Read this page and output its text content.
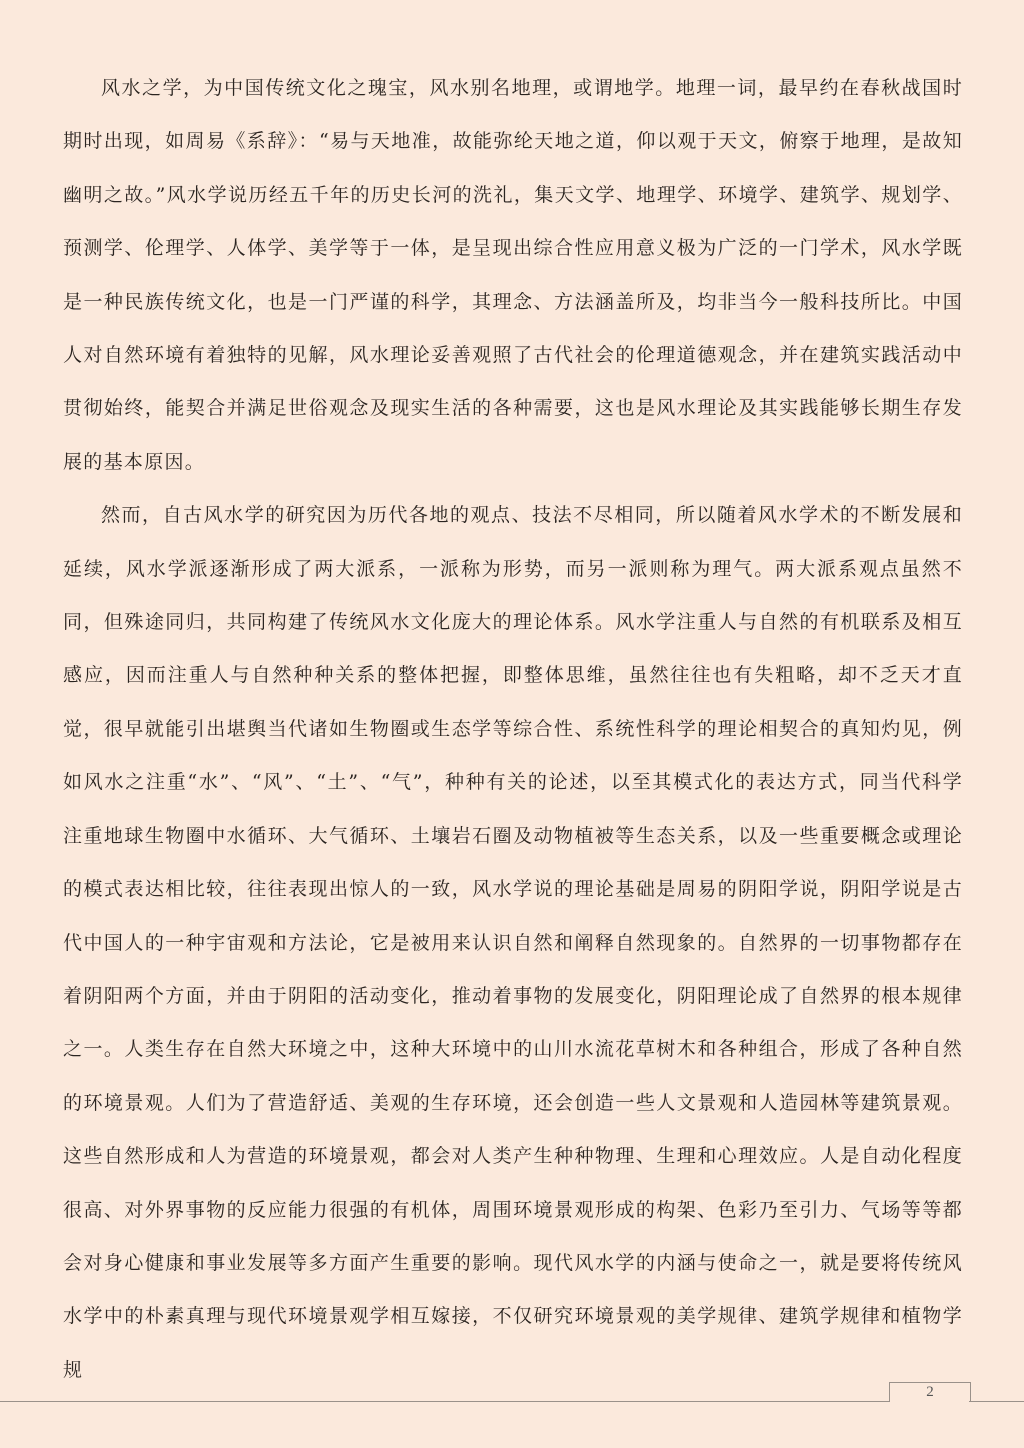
风水之学，为中国传统文化之瑰宝，风水别名地理，或谓地学。地理一词，最早约在春秋战国时期时出现，如周易《系辞》：“易与天地准，故能弥纶天地之道，仰以观于天文，俯察于地理，是故知幽明之故。”风水学说历经五千年的历史长河的洗礼，集天文学、地理学、环境学、建筑学、规划学、预测学、伦理学、人体学、美学等于一体，是呈现出综合性应用意义极为广泛的一门学术，风水学既是一种民族传统文化，也是一门严谨的科学，其理念、方法涵盖所及，均非当今一般科技所比。中国人对自然环境有着独特的见解，风水理论妥善观照了古代社会的伦理道德观念，并在建筑实践活动中贯彻始终，能契合并满足世俗观念及现实生活的各种需要，这也是风水理论及其实践能够长期生存发展的基本原因。

然而，自古风水学的研究因为历代各地的观点、技法不尽相同，所以随着风水学术的不断发展和延续，风水学派逐渐形成了两大派系，一派称为形势，而另一派则称为理气。两大派系观点虽然不同，但殊途同归，共同构建了传统风水文化庞大的理论体系。风水学注重人与自然的有机联系及相互感应，因而注重人与自然种种关系的整体把握，即整体思维，虽然往往也有失粗略，却不乏天才直觉，很早就能引出堪舆当代诸如生物圈或生态学等综合性、系统性科学的理论相契合的真知灼见，例如风水之注重“水”、“风”、“土”、“气”，种种有关的论述，以至其模式化的表达方式，同当代科学注重地球生物圈中水循环、大气循环、土壤岩石圈及动物植被等生态关系，以及一些重要概念或理论的模式表达相比较，往往表现出惊人的一致，风水学说的理论基础是周易的阴阳学说，阴阳学说是古代中国人的一种宇宙观和方法论，它是被用来认识自然和阐释自然现象的。自然界的一切事物都存在着阴阳两个方面，并由于阴阳的活动变化，推动着事物的发展变化，阴阳理论成了自然界的根本规律之一。人类生存在自然大环境之中，这种大环境中的山川水流花草树木和各种组合，形成了各种自然的环境景观。人们为了营造舒适、美观的生存环境，还会创造一些人文景观和人造园林等建筑景观。这些自然形成和人为营造的环境景观，都会对人类产生种种物理、生理和心理效应。人是自动化程度很高、对外界事物的反应能力很强的有机体，周围环境景观形成的构架、色彩乃至引力、气场等等都会对身心健康和事业发展等多方面产生重要的影响。现代风水学的内涵与使命之一，就是要将传统风水学中的朴素真理与现代环境景观学相互嫁接，不仅研究环境景观的美学规律、建筑学规律和植物学规

2
